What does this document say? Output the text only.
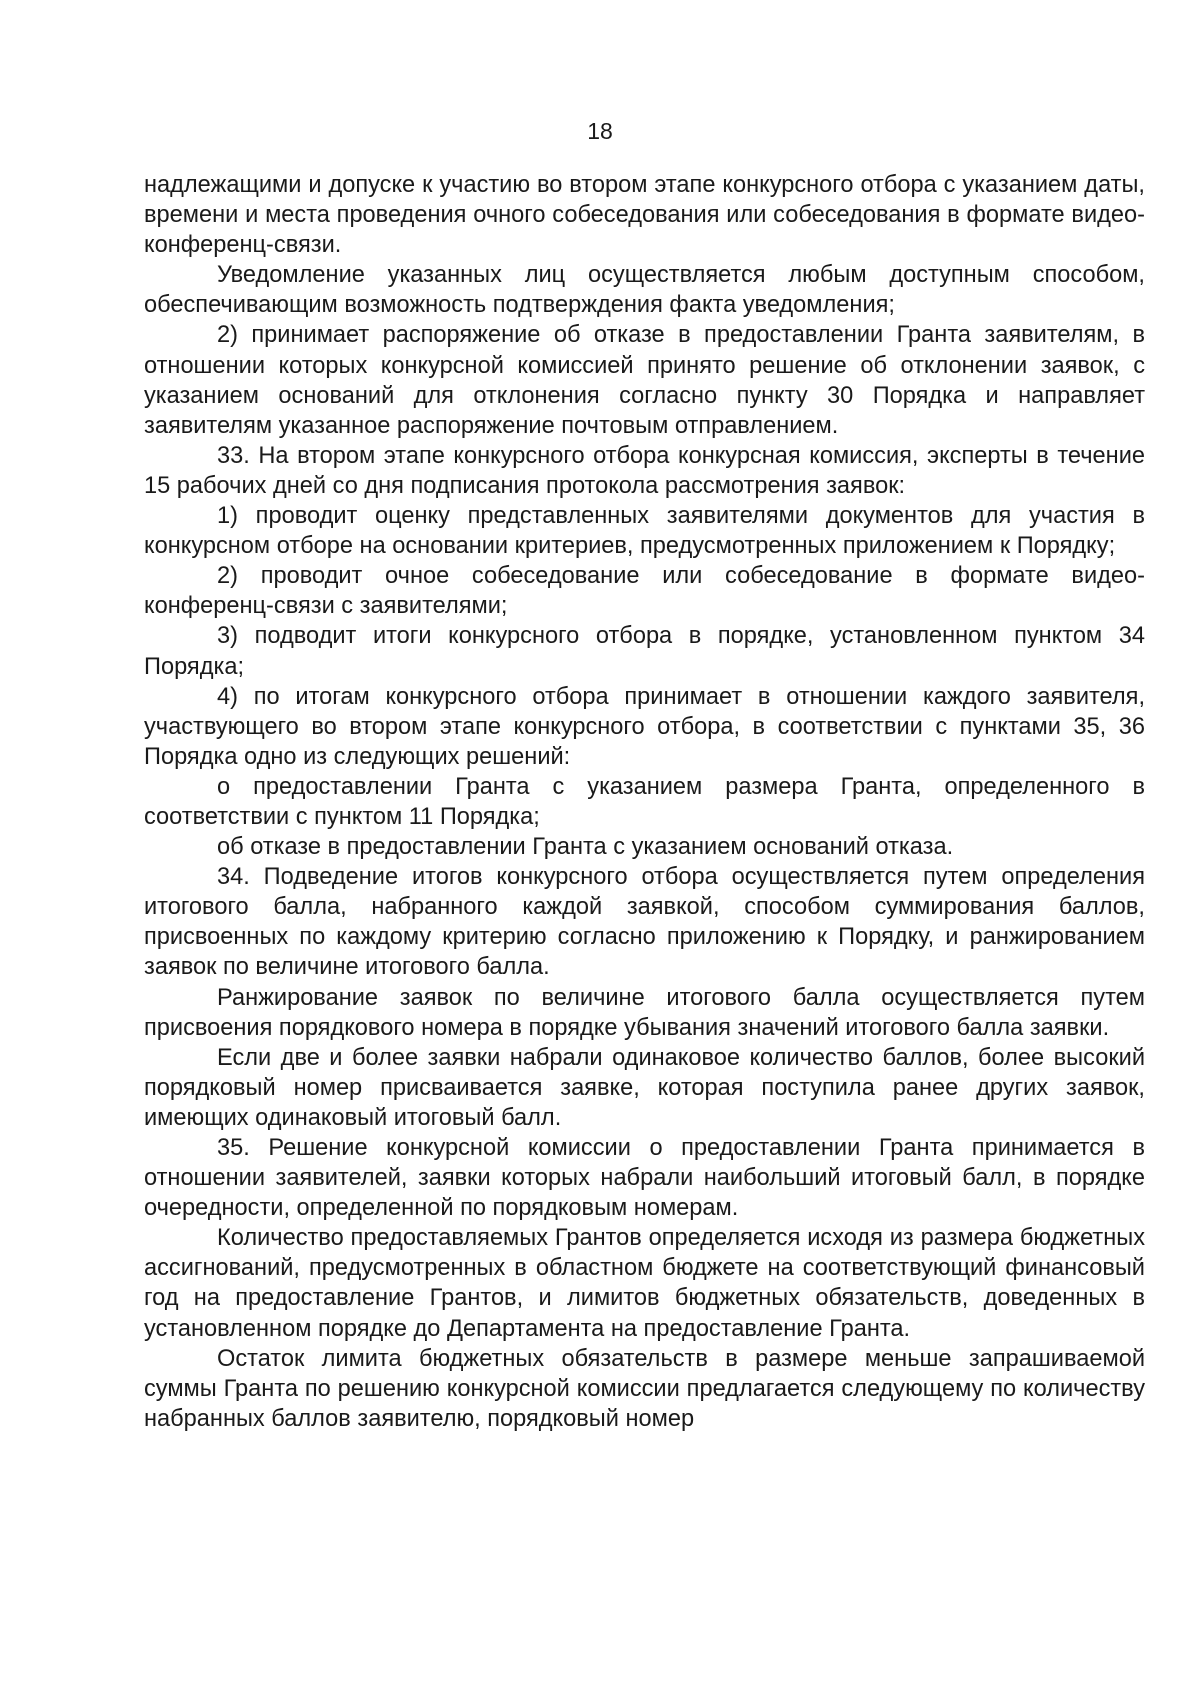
18

надлежащими и допуске к участию во втором этапе конкурсного отбора с указанием даты, времени и места проведения очного собеседования или собеседования в формате видео-конференц-связи.

Уведомление указанных лиц осуществляется любым доступным способом, обеспечивающим возможность подтверждения факта уведомления;

2) принимает распоряжение об отказе в предоставлении Гранта заявителям, в отношении которых конкурсной комиссией принято решение об отклонении заявок, с указанием оснований для отклонения согласно пункту 30 Порядка и направляет заявителям указанное распоряжение почтовым отправлением.

33. На втором этапе конкурсного отбора конкурсная комиссия, эксперты в течение 15 рабочих дней со дня подписания протокола рассмотрения заявок:

1) проводит оценку представленных заявителями документов для участия в конкурсном отборе на основании критериев, предусмотренных приложением к Порядку;

2) проводит очное собеседование или собеседование в формате видео-конференц-связи с заявителями;

3) подводит итоги конкурсного отбора в порядке, установленном пунктом 34 Порядка;

4) по итогам конкурсного отбора принимает в отношении каждого заявителя, участвующего во втором этапе конкурсного отбора, в соответствии с пунктами 35, 36 Порядка одно из следующих решений:

о предоставлении Гранта с указанием размера Гранта, определенного в соответствии с пунктом 11 Порядка;

об отказе в предоставлении Гранта с указанием оснований отказа.

34. Подведение итогов конкурсного отбора осуществляется путем определения итогового балла, набранного каждой заявкой, способом суммирования баллов, присвоенных по каждому критерию согласно приложению к Порядку, и ранжированием заявок по величине итогового балла.

Ранжирование заявок по величине итогового балла осуществляется путем присвоения порядкового номера в порядке убывания значений итогового балла заявки.

Если две и более заявки набрали одинаковое количество баллов, более высокий порядковый номер присваивается заявке, которая поступила ранее других заявок, имеющих одинаковый итоговый балл.

35. Решение конкурсной комиссии о предоставлении Гранта принимается в отношении заявителей, заявки которых набрали наибольший итоговый балл, в порядке очередности, определенной по порядковым номерам.

Количество предоставляемых Грантов определяется исходя из размера бюджетных ассигнований, предусмотренных в областном бюджете на соответствующий финансовый год на предоставление Грантов, и лимитов бюджетных обязательств, доведенных в установленном порядке до Департамента на предоставление Гранта.

Остаток лимита бюджетных обязательств в размере меньше запрашиваемой суммы Гранта по решению конкурсной комиссии предлагается следующему по количеству набранных баллов заявителю, порядковый номер
